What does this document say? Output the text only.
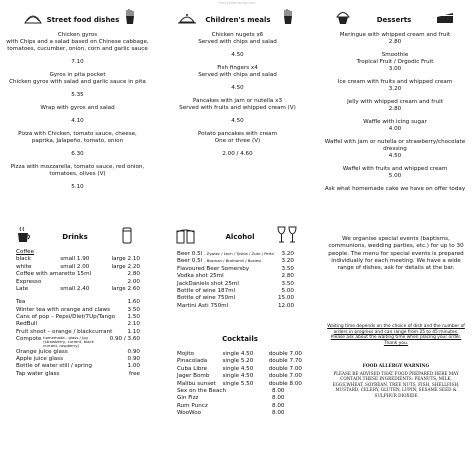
menu-enter-aruba-com
Street food dishes	Children's meals	Desserts
Drinks	Alcohol
Cocktails
Chicken gyros
with Chips and a salad based on Chinese cabbage, tomatoes, cucumber, onion, corn and garlic sauce
7.10
Gyros in pita pocket
Chicken gyros with salad and garlic sauce in pita
5.35
Wrap with gyros and salad
4.10
Pizza with Chicken, tomato sauce, cheese, paprika, Jalapeño, tomato, onion
6.30
Pizza with mozzarella, tomato sauce, red onion, tomatoes, olives (V)
5.10
Chicken nugets x6
Served with chips and salad
4.50
Fish fingers x4
Served with chips and salad
4.50
Pancakes with jam or nutella x3
Served with fruits and whipped cream (V)
4.50
Potato pancakes with cream
One or three (V)
2.00 / 4.60
Meringue with whipped cream and fruit
2.80
Smoothie
Tropical Fruit / Orgodic Fruit
3.00
Ice cream with fruits and whipped cream
3.20
Jelly with whipped cream and fruit
2.80
Waffle with icing sugar
4.00
Waffel with jam or nutella or strawberry/chocolate dressing
4.50
Waffel with fruits and whipped cream
5.00
Ask what homemade cake we have on offer today
Coffee
black	small 1.90	large 2.10
white	small 2.00	large 2.20
Coffee with amaretto 15ml	2.80
Expresso	2.00
Late	small 2.40	large 2.60
Tea	1.60
Winter tea with orange and claws	3.50
Cans of pop – Pepsi/Diet/7Up/Tango 1.50
RedBull	2.10
Fruit shoot – orange / blackcurrant	1.10
Compote homemade - glass / jug (strawberry, current, black currant, raspberry)
0.90 / 3.60
Orange juice glass	0.90
Apple juice glass	0.90
Bottle of water still / spring	1.00
Tap water glass	free
Beer 0.5l - Żywiec / Lech / Tyskie / Żubr / Perła 3.20
Beer 0.5l - Bosman / Brothamil / Bosiesi	3.20
Flavoured Beer Somersby	3.50
Vodka shot 25ml	2.80
JackDaniels shot 25ml	3.50
Bottle of wine 187ml	5.00
Bottle of wine 750ml	15.00
Martini Asti 750ml	12.00
Mojito	single 4.50	double 7.00
Pinacolada	single 5.20	double 7.70
Cuba Libre	single 4.50	double 7.00
Jager Bomb	single 4.50	double 7.00
Malibu sunset	single 5.50	double 8.00
Sex on the Beach	8.00
Gin Fizz	8.00
Rum Puncz	8.00
WooWoo	8.00
We organise special events (baptisms, communions, wedding parties, etc.) for up to 30 people. The menu for special events is prepared individually for each meeting. We have a wide range of dishes, ask for details at the bar.
Waiting time depends on the choice of dish and the number of orders in progress and can range from 25 to 45 minutes. Please ask about the waiting time when placing your order. Thank you.
FOOD ALLERGY WARNING
PLEASE BE ADVISED THAT FOOD PREPARED HERE MAY CONTAIN THESE INGREDIENTS: PEANUTS, MILK, EGGS,WHEAT, SOYBEAN, TREE NUTS, FISH, SHELLFISH, MUSTARD, CELERY, GLUTEN, LUPIN, SESAME SEED & SULPHUR DIOXIDE
